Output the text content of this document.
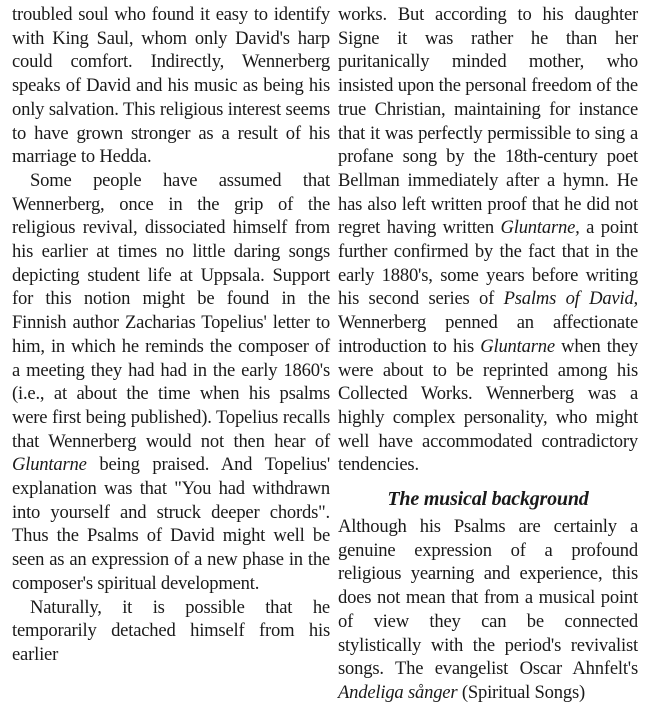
troubled soul who found it easy to identify with King Saul, whom only David's harp could comfort. Indirectly, Wennerberg speaks of David and his music as being his only salvation. This religious interest seems to have grown stronger as a result of his marriage to Hedda.

Some people have assumed that Wennerberg, once in the grip of the religious revival, dissociated himself from his earlier at times no little daring songs depicting student life at Uppsala. Support for this notion might be found in the Finnish author Zacharias Topelius' letter to him, in which he reminds the composer of a meeting they had had in the early 1860's (i.e., at about the time when his psalms were first being published). Topelius recalls that Wennerberg would not then hear of Gluntarne being praised. And Topelius' explanation was that "You had withdrawn into yourself and struck deeper chords". Thus the Psalms of David might well be seen as an expression of a new phase in the composer's spiritual development.

Naturally, it is possible that he temporarily detached himself from his earlier

works. But according to his daughter Signe it was rather he than her puritanically minded mother, who insisted upon the personal freedom of the true Christian, maintaining for instance that it was perfectly permissible to sing a profane song by the 18th-century poet Bellman immediately after a hymn. He has also left written proof that he did not regret having written Gluntarne, a point further confirmed by the fact that in the early 1880's, some years before writing his second series of Psalms of David, Wennerberg penned an affectionate introduction to his Gluntarne when they were about to be reprinted among his Collected Works. Wennerberg was a highly complex personality, who might well have accommodated contradictory tendencies.

The musical background

Although his Psalms are certainly a genuine expression of a profound religious yearning and experience, this does not mean that from a musical point of view they can be connected stylistically with the period's revivalist songs. The evangelist Oscar Ahnfelt's Andeliga sånger (Spiritual Songs)
